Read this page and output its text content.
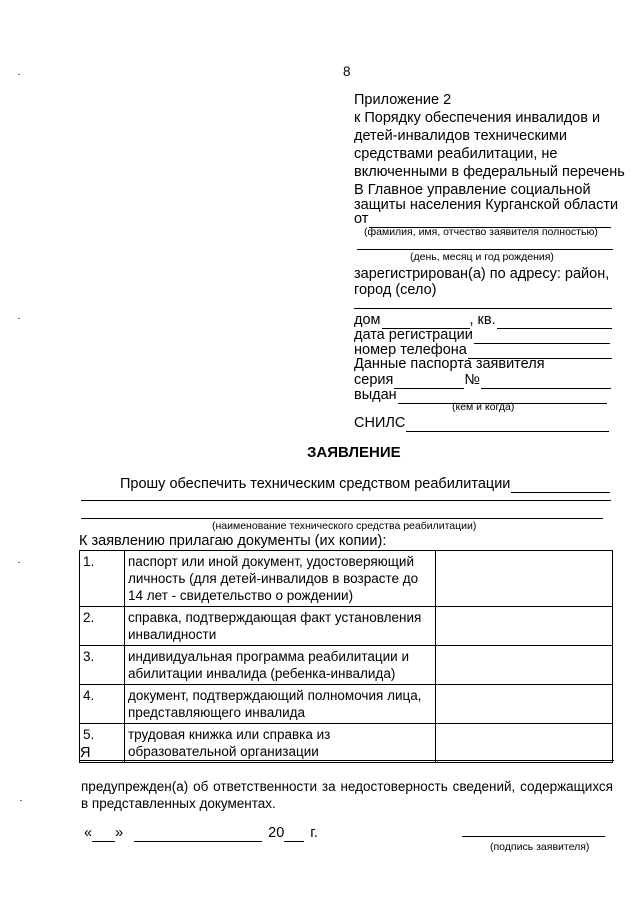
8
Приложение 2
к Порядку обеспечения инвалидов и
детей-инвалидов техническими
средствами реабилитации, не
включенными в федеральный перечень
В Главное управление социальной
защиты населения Курганской области
от
(фамилия, имя, отчество заявителя полностью)
(день, месяц и год рождения)
зарегистрирован(а) по адресу: район,
город (село)
дом	, кв.
дата регистрации
номер телефона
Данные паспорта заявителя
серия	№
выдан
(кем и когда)
СНИЛС
ЗАЯВЛЕНИЕ
Прошу обеспечить техническим средством реабилитации
(наименование технического средства реабилитации)
К заявлению прилагаю документы (их копии):
1.	паспорт или иной документ, удостоверяющий личность (для детей-инвалидов в возрасте до 14 лет - свидетельство о рождении)	
2.	справка, подтверждающая факт установления инвалидности	
3.	индивидуальная программа реабилитации и абилитации инвалида (ребенка-инвалида)	
4.	документ, подтверждающий полномочия лица, представляющего инвалида	
5.	трудовая книжка или справка из образовательной организации	
Я
предупрежден(а) об ответственности за недостоверность сведений, содержащихся в представленных документах.
« »	20 г.
(подпись заявителя)
